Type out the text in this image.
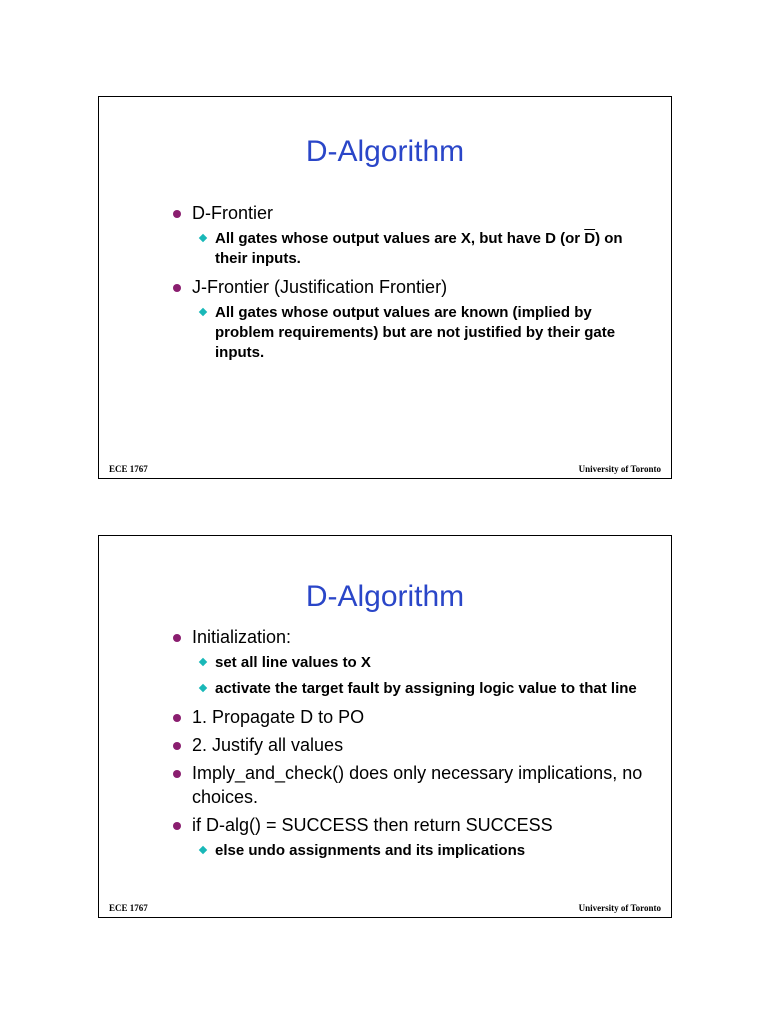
D-Algorithm
D-Frontier
All gates whose output values are X, but have D (or $\overline{D}$) on their inputs.
J-Frontier (Justification Frontier)
All gates whose output values are known (implied by problem requirements) but are not justified by their gate inputs.
ECE 1767	University of Toronto
D-Algorithm
Initialization:
set all line values to X
activate the target fault by assigning logic value to that line
1. Propagate D to PO
2. Justify all values
Imply_and_check() does only necessary implications, no choices.
if D-alg() = SUCCESS then return SUCCESS
else undo assignments and its implications
ECE 1767	University of Toronto
